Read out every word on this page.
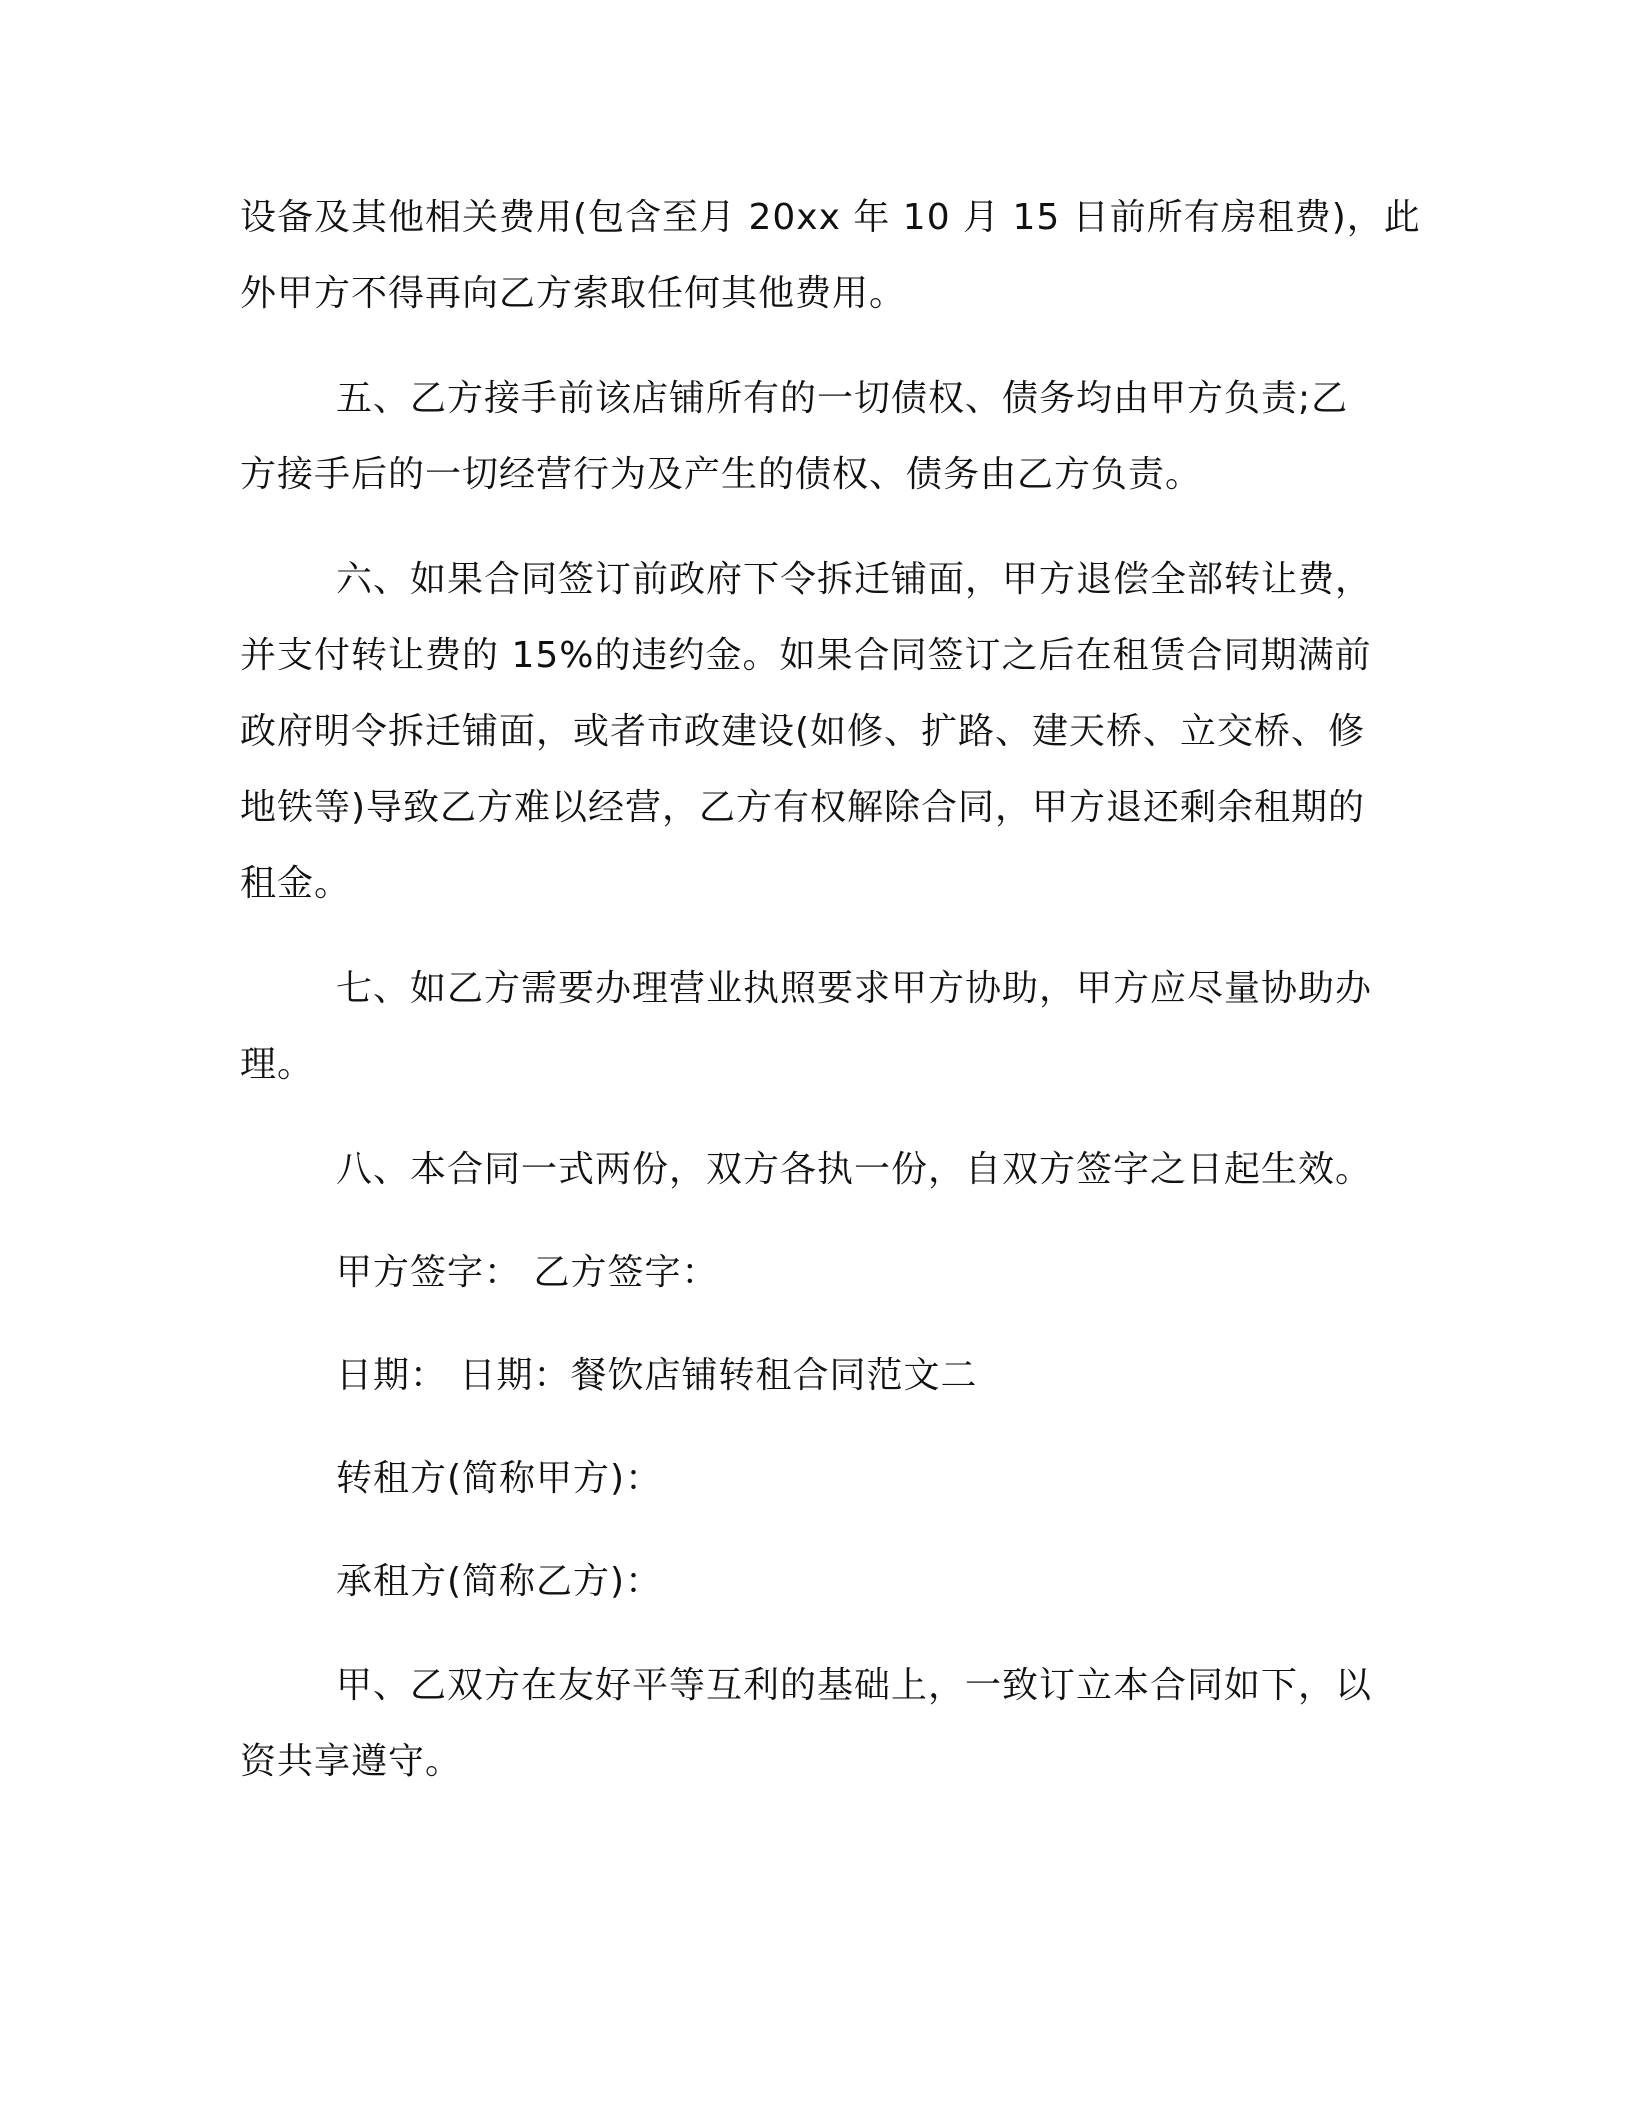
设备及其他相关费用(包含至月 20xx 年 10 月 15 日前所有房租费)，此
外甲方不得再向乙方索取任何其他费用。
五、乙方接手前该店铺所有的一切债权、债务均由甲方负责;乙
方接手后的一切经营行为及产生的债权、债务由乙方负责。
六、如果合同签订前政府下令拆迁铺面，甲方退偿全部转让费，
并支付转让费的 15%的违约金。如果合同签订之后在租赁合同期满前
政府明令拆迁铺面，或者市政建设(如修、扩路、建天桥、立交桥、修
地铁等)导致乙方难以经营，乙方有权解除合同，甲方退还剩余租期的
租金。
七、如乙方需要办理营业执照要求甲方协助，甲方应尽量协助办
理。
八、本合同一式两份，双方各执一份，自双方签字之日起生效。
甲方签字： 乙方签字：
日期： 日期：餐饮店铺转租合同范文二
转租方(简称甲方)：
承租方(简称乙方)：
甲、乙双方在友好平等互利的基础上，一致订立本合同如下，以
资共享遵守。
